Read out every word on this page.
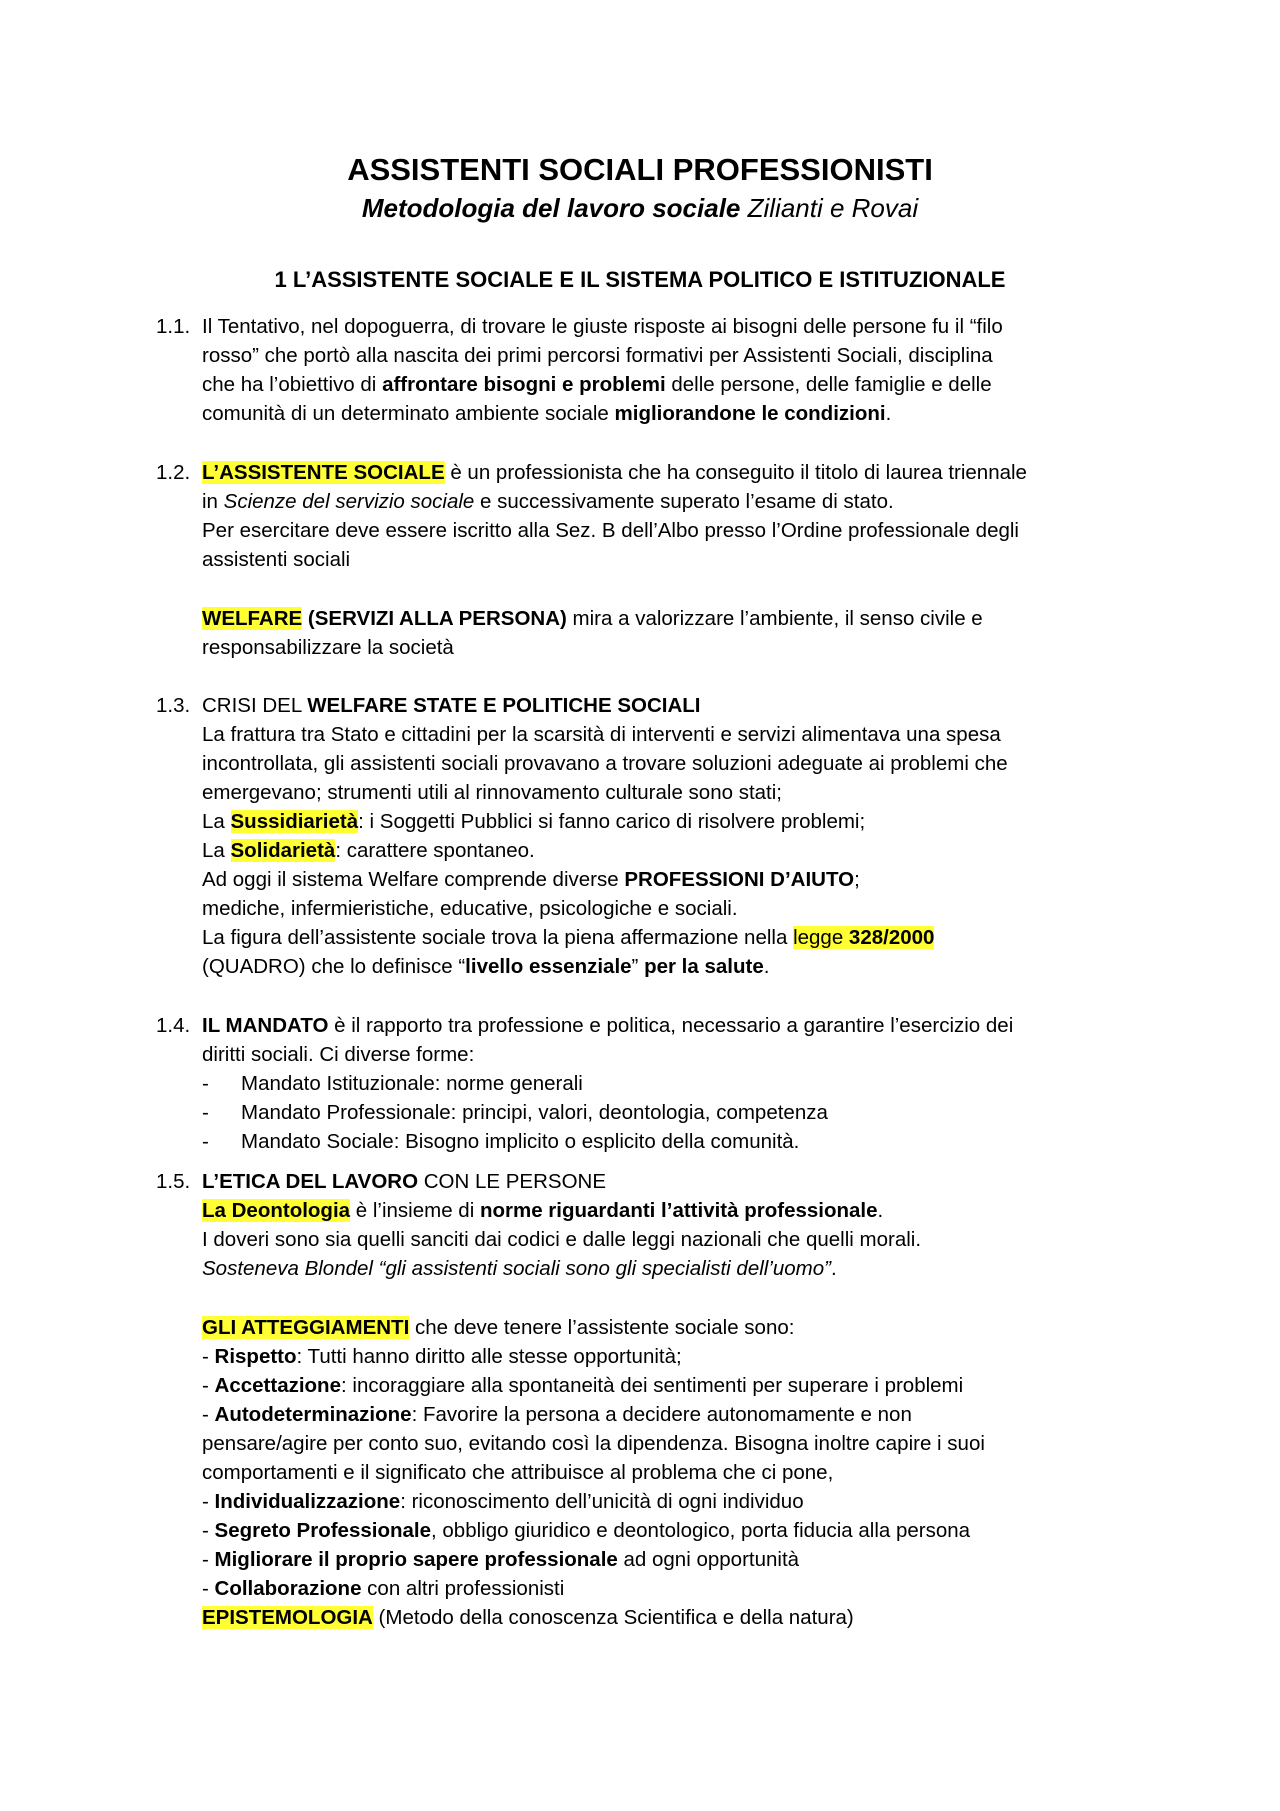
ASSISTENTI SOCIALI PROFESSIONISTI
Metodologia del lavoro sociale Zilianti e Rovai
1 L’ASSISTENTE SOCIALE E IL SISTEMA POLITICO E ISTITUZIONALE
1.1. Il Tentativo, nel dopoguerra, di trovare le giuste risposte ai bisogni delle persone fu il “filo
rosso” che portò alla nascita dei primi percorsi formativi per Assistenti Sociali, disciplina
che ha l’obiettivo di affrontare bisogni e problemi delle persone, delle famiglie e delle
comunità di un determinato ambiente sociale migliorandone le condizioni.
1.2. L’ASSISTENTE SOCIALE è un professionista che ha conseguito il titolo di laurea triennale
in Scienze del servizio sociale e successivamente superato l’esame di stato.
Per esercitare deve essere iscritto alla Sez. B dell’Albo presso l’Ordine professionale degli
assistenti sociali
WELFARE (SERVIZI ALLA PERSONA) mira a valorizzare l’ambiente, il senso civile e
responsabilizzare la società
1.3. CRISI DEL WELFARE STATE E POLITICHE SOCIALI
La frattura tra Stato e cittadini per la scarsità di interventi e servizi alimentava una spesa
incontrollata, gli assistenti sociali provavano a trovare soluzioni adeguate ai problemi che
emergevano; strumenti utili al rinnovamento culturale sono stati;
La Sussidiarietà: i Soggetti Pubblici si fanno carico di risolvere problemi;
La Solidarietà: carattere spontaneo.
Ad oggi il sistema Welfare comprende diverse PROFESSIONI D’AIUTO;
mediche, infermieristiche, educative, psicologiche e sociali.
La figura dell’assistente sociale trova la piena affermazione nella legge 328/2000
(QUADRO) che lo definisce “livello essenziale” per la salute.
1.4. IL MANDATO è il rapporto tra professione e politica, necessario a garantire l’esercizio dei
diritti sociali. Ci diverse forme:
- Mandato Istituzionale: norme generali
- Mandato Professionale: principi, valori, deontologia, competenza
- Mandato Sociale: Bisogno implicito o esplicito della comunità.
1.5. L’ETICA DEL LAVORO CON LE PERSONE
La Deontologia è l’insieme di norme riguardanti l’attività professionale.
I doveri sono sia quelli sanciti dai codici e dalle leggi nazionali che quelli morali.
Sosteneva Blondel “gli assistenti sociali sono gli specialisti dell’uomo”.
GLI ATTEGGIAMENTI che deve tenere l’assistente sociale sono:
- Rispetto: Tutti hanno diritto alle stesse opportunità;
- Accettazione: incoraggiare alla spontaneità dei sentimenti per superare i problemi
- Autodeterminazione: Favorire la persona a decidere autonomamente e non
pensare/agire per conto suo, evitando così la dipendenza. Bisogna inoltre capire i suoi
comportamenti e il significato che attribuisce al problema che ci pone,
- Individualizzazione: riconoscimento dell’unicità di ogni individuo
- Segreto Professionale, obbligo giuridico e deontologico, porta fiducia alla persona
- Migliorare il proprio sapere professionale ad ogni opportunità
- Collaborazione con altri professionisti
EPISTEMOLOGIA (Metodo della conoscenza Scientifica e della natura)
